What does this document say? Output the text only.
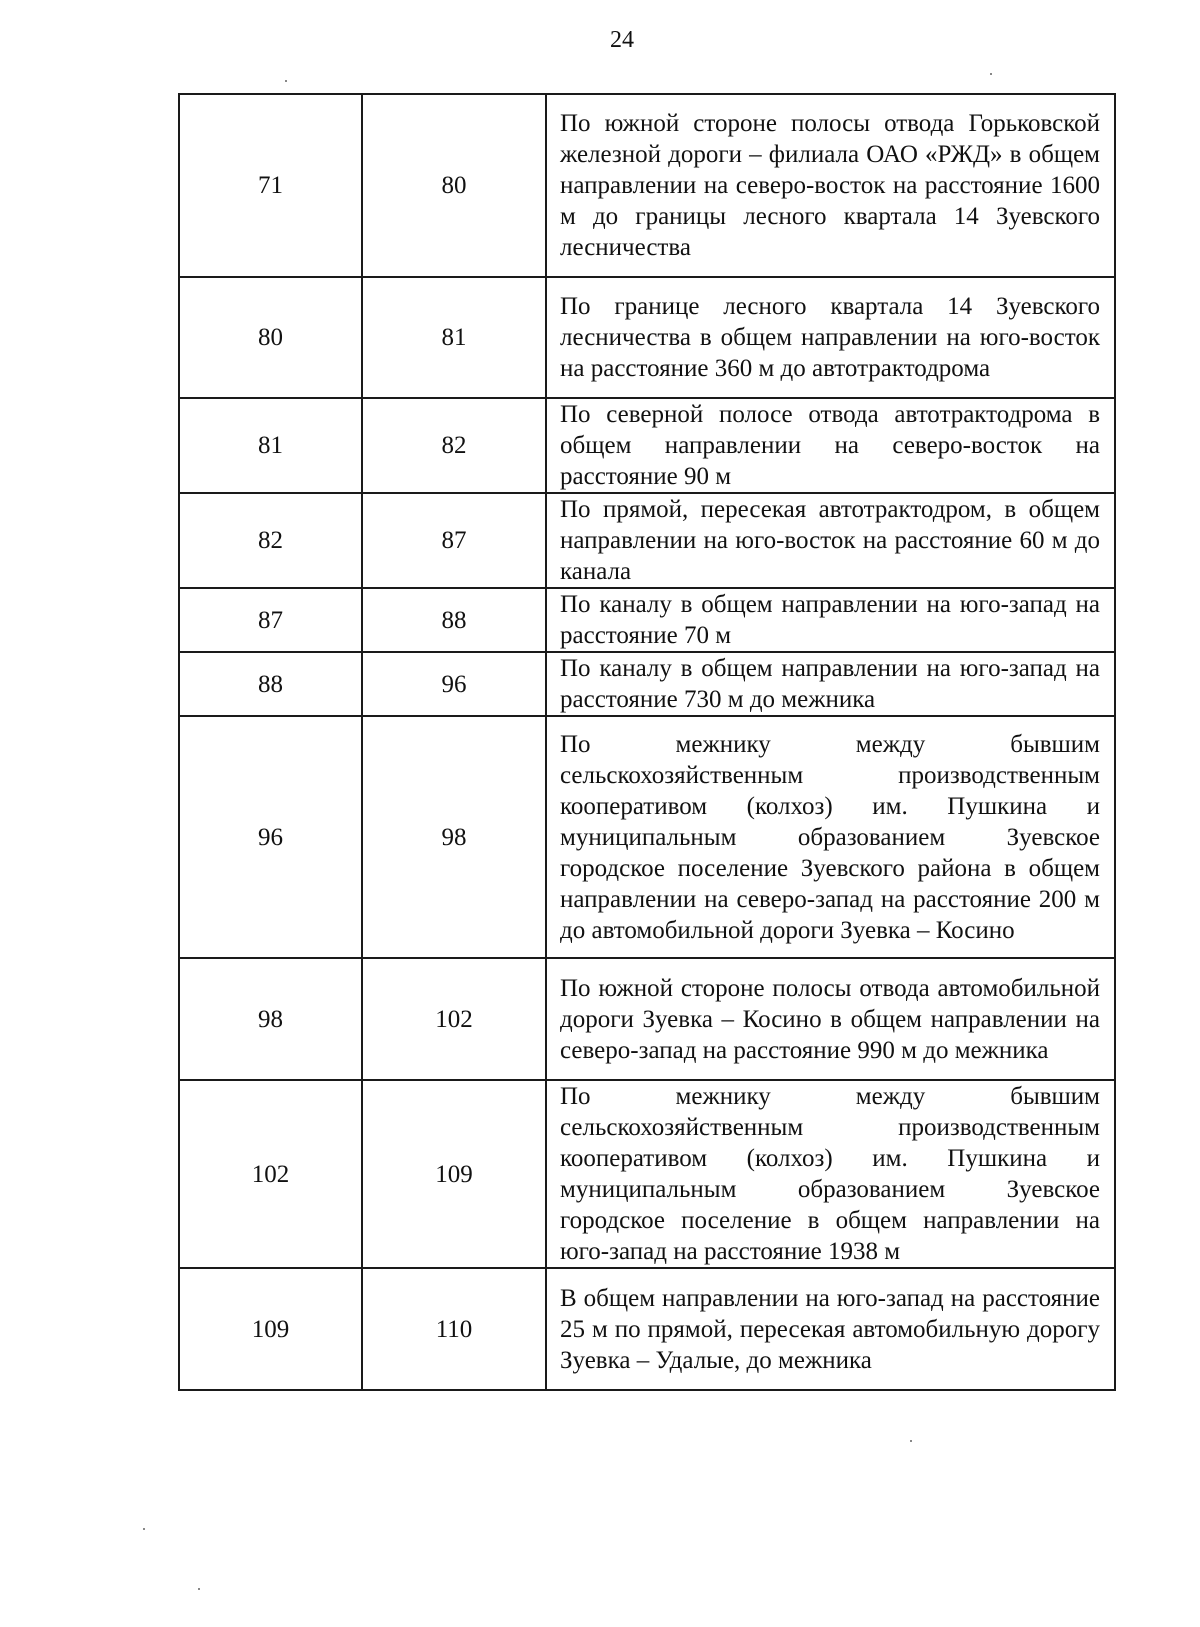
24
71	80	По южной стороне полосы отвода Горьковской железной дороги – филиала ОАО «РЖД» в общем направлении на северо-восток на расстояние 1600 м до границы лесного квартала 14 Зуевского лесничества
80	81	По границе лесного квартала 14 Зуевского лесничества в общем направлении на юго-восток на расстояние 360 м до автотрактодрома
81	82	По северной полосе отвода автотрактодрома в общем направлении на северо-восток на расстояние 90 м
82	87	По прямой, пересекая автотрактодром, в общем направлении на юго-восток на расстояние 60 м до канала
87	88	По каналу в общем направлении на юго-запад на расстояние 70 м
88	96	По каналу в общем направлении на юго-запад на расстояние 730 м до межника
96	98	По межнику между бывшим сельскохозяйственным производственным кооперативом (колхоз) им. Пушкина и муниципальным образованием Зуевское городское поселение Зуевского района в общем направлении на северо-запад на расстояние 200 м до автомобильной дороги Зуевка – Косино
98	102	По южной стороне полосы отвода автомобильной дороги Зуевка – Косино в общем направлении на северо-запад на расстояние 990 м до межника
102	109	По межнику между бывшим сельскохозяйственным производственным кооперативом (колхоз) им. Пушкина и муниципальным образованием Зуевское городское поселение в общем направлении на юго-запад на расстояние 1938 м
109	110	В общем направлении на юго-запад на расстояние 25 м по прямой, пересекая автомобильную дорогу Зуевка – Удалые, до межника
